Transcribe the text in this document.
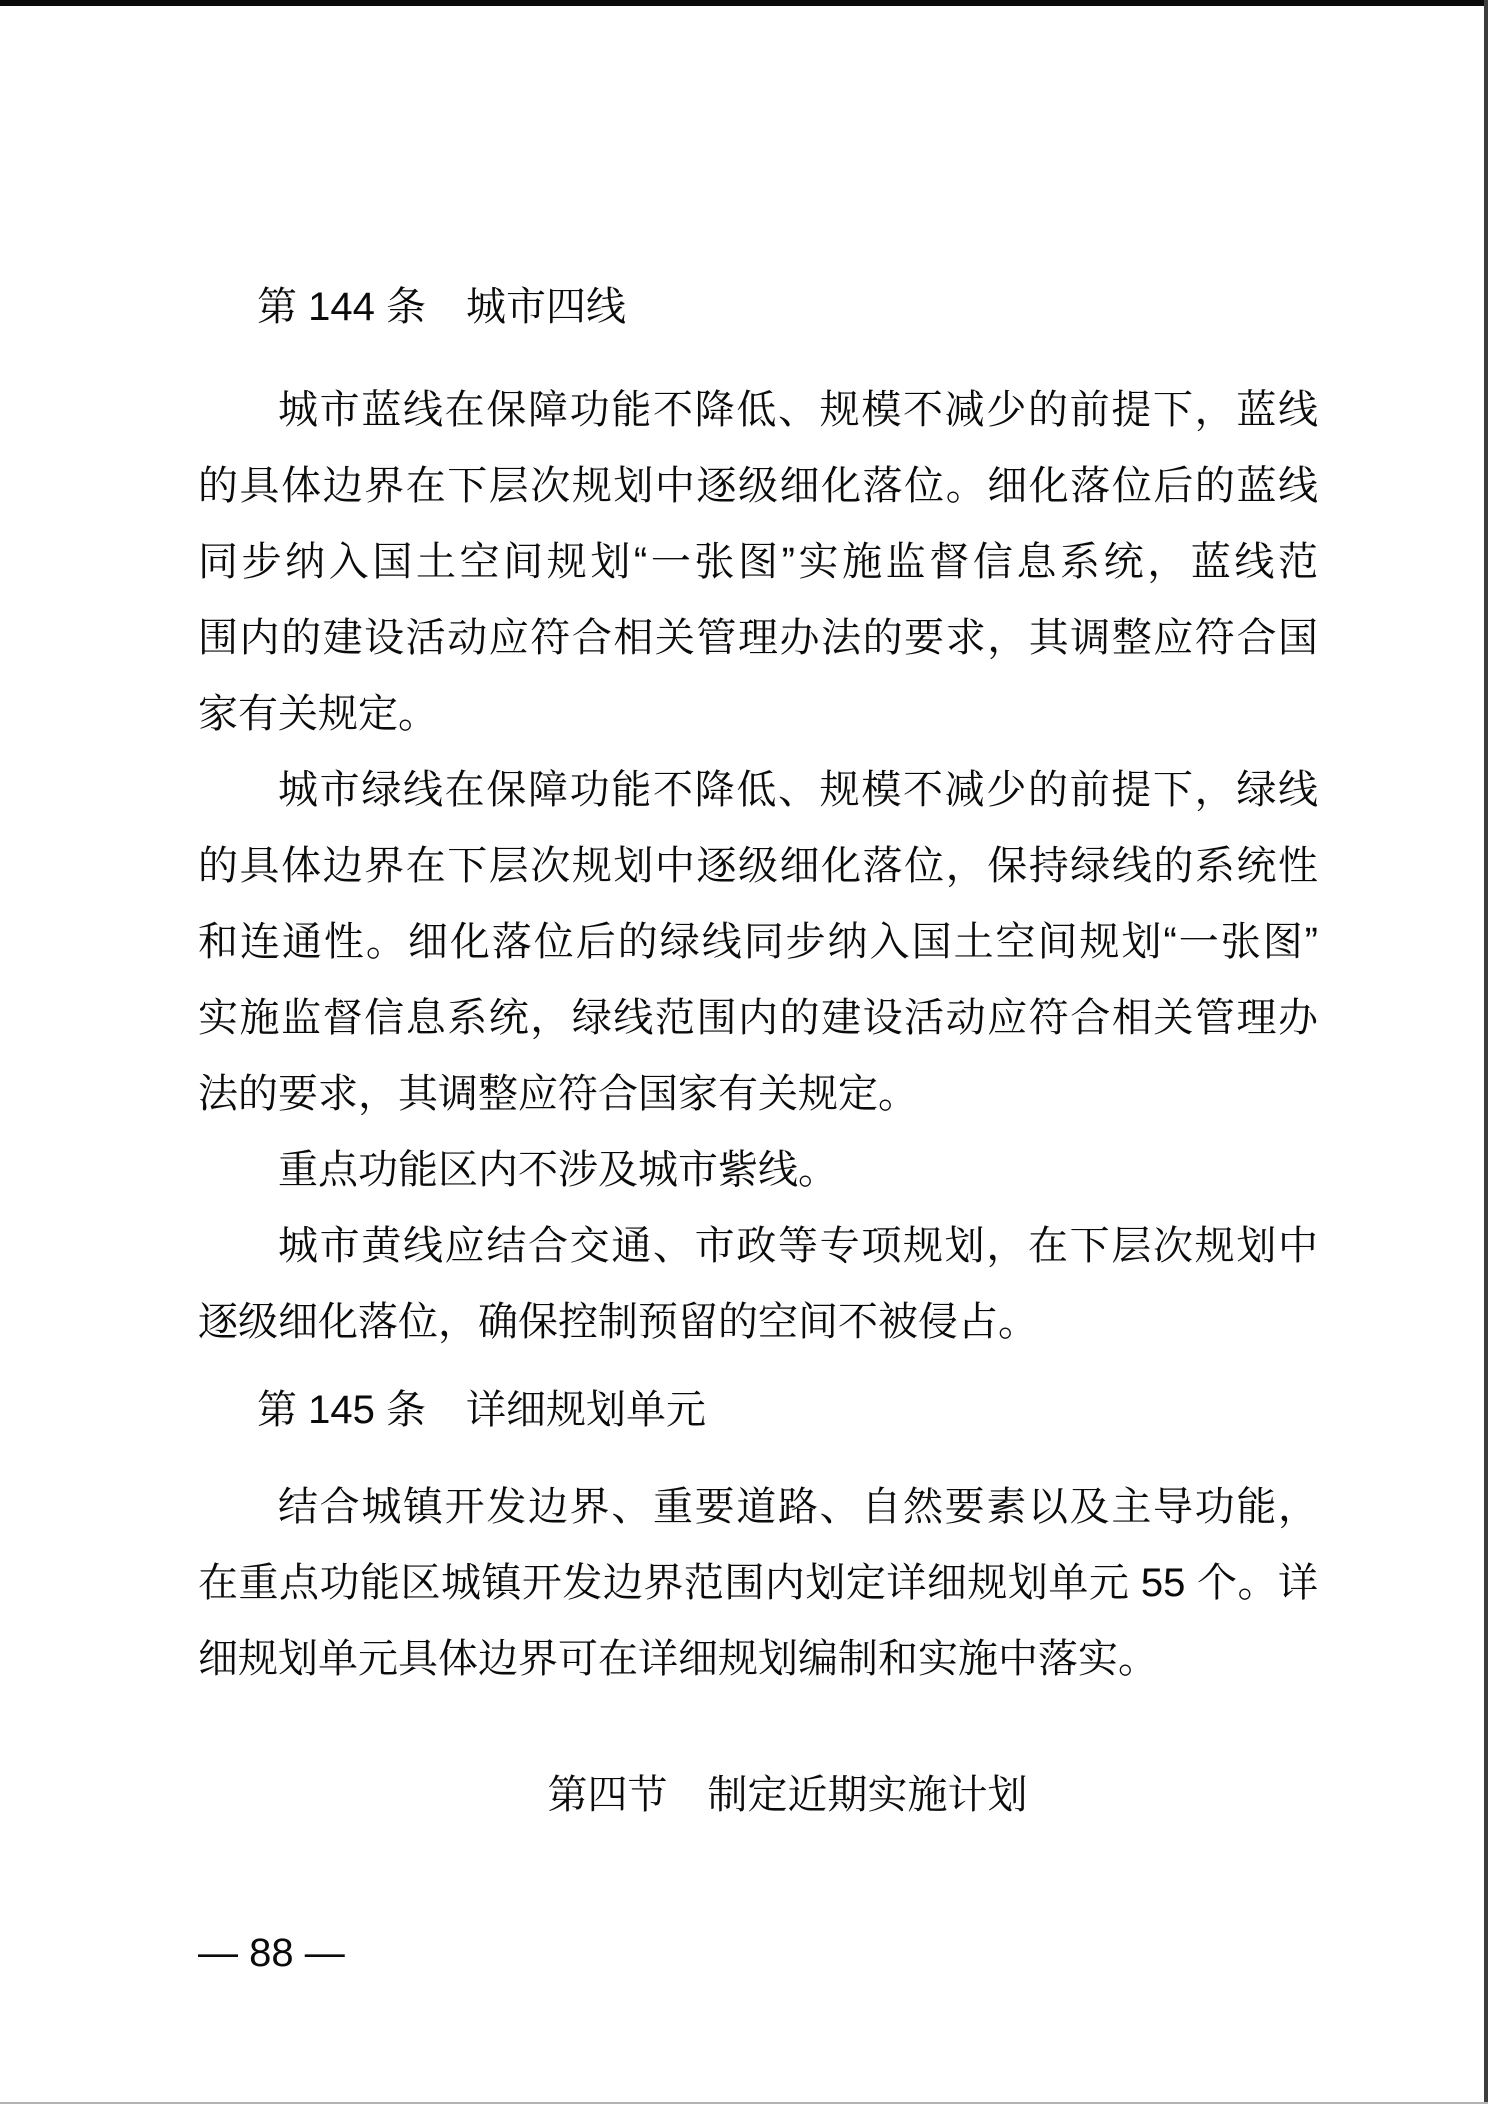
第 144 条　城市四线

城市蓝线在保障功能不降低、规模不减少的前提下，蓝线
的具体边界在下层次规划中逐级细化落位。细化落位后的蓝线
同步纳入国土空间规划“一张图”实施监督信息系统，蓝线范
围内的建设活动应符合相关管理办法的要求，其调整应符合国
家有关规定。

城市绿线在保障功能不降低、规模不减少的前提下，绿线
的具体边界在下层次规划中逐级细化落位，保持绿线的系统性
和连通性。细化落位后的绿线同步纳入国土空间规划“一张图”
实施监督信息系统，绿线范围内的建设活动应符合相关管理办
法的要求，其调整应符合国家有关规定。

重点功能区内不涉及城市紫线。

城市黄线应结合交通、市政等专项规划，在下层次规划中
逐级细化落位，确保控制预留的空间不被侵占。

第 145 条　详细规划单元

结合城镇开发边界、重要道路、自然要素以及主导功能，
在重点功能区城镇开发边界范围内划定详细规划单元 55 个。详
细规划单元具体边界可在详细规划编制和实施中落实。

第四节　制定近期实施计划
— 88 —
